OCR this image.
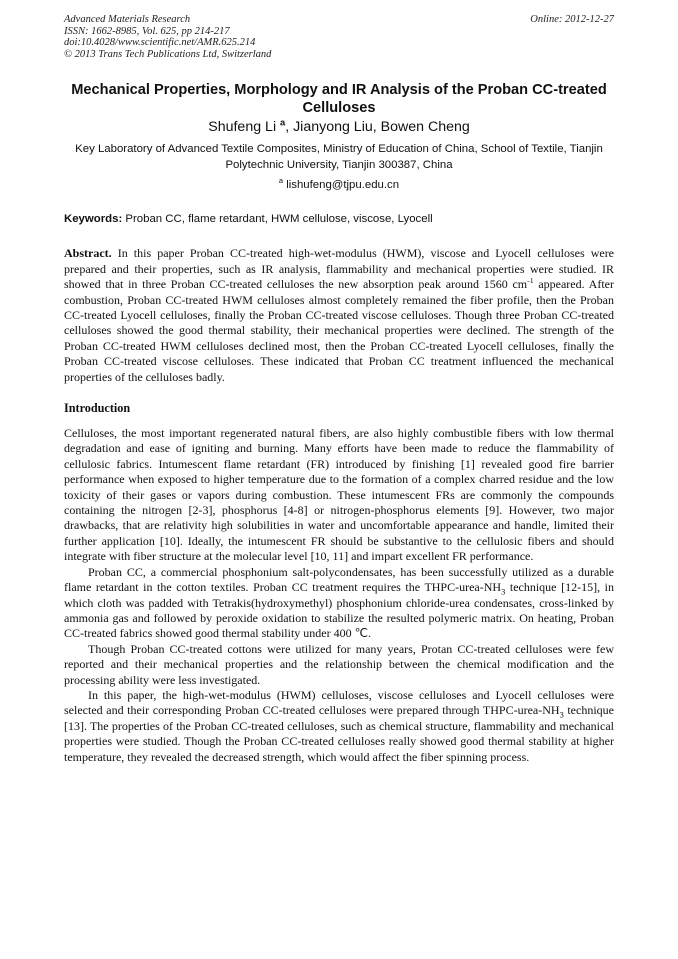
Advanced Materials Research
ISSN: 1662-8985, Vol. 625, pp 214-217
doi:10.4028/www.scientific.net/AMR.625.214
© 2013 Trans Tech Publications Ltd, Switzerland
Online: 2012-12-27
Mechanical Properties, Morphology and IR Analysis of the Proban CC-treated Celluloses
Shufeng Li $^a$, Jianyong Liu, Bowen Cheng
Key Laboratory of Advanced Textile Composites, Ministry of Education of China, School of Textile, Tianjin Polytechnic University, Tianjin 300387, China
$^a$ lishufeng@tjpu.edu.cn
Keywords: Proban CC, flame retardant, HWM cellulose, viscose, Lyocell
Abstract. In this paper Proban CC-treated high-wet-modulus (HWM), viscose and Lyocell celluloses were prepared and their properties, such as IR analysis, flammability and mechanical properties were studied. IR showed that in three Proban CC-treated celluloses the new absorption peak around 1560 $cm^{-1}$ appeared. After combustion, Proban CC-treated HWM celluloses almost completely remained the fiber profile, then the Proban CC-treated Lyocell celluloses, finally the Proban CC-treated viscose celluloses. Though three Proban CC-treated celluloses showed the good thermal stability, their mechanical properties were declined. The strength of the Proban CC-treated HWM celluloses declined most, then the Proban CC-treated Lyocell celluloses, finally the Proban CC-treated viscose celluloses. These indicated that Proban CC treatment influenced the mechanical properties of the celluloses badly.
Introduction

Celluloses, the most important regenerated natural fibers, are also highly combustible fibers with low thermal degradation and ease of igniting and burning. Many efforts have been made to reduce the flammability of cellulosic fabrics. Intumescent flame retardant (FR) introduced by finishing [1] revealed good fire barrier performance when exposed to higher temperature due to the formation of a complex charred residue and the low toxicity of their gases or vapors during combustion. These intumescent FRs are commonly the compounds containing the nitrogen [2-3], phosphorus [4-8] or nitrogen-phosphorus elements [9]. However, two major drawbacks, that are relativity high solubilities in water and uncomfortable appearance and handle, limited their further application [10]. Ideally, the intumescent FR should be substantive to the cellulosic fibers and should integrate with fiber structure at the molecular level [10, 11] and impart excellent FR performance.

Proban CC, a commercial phosphonium salt-polycondensates, has been successfully utilized as a durable flame retardant in the cotton textiles. Proban CC treatment requires the THPC-$urea-NH_3$ technique [12-15], in which cloth was padded with Tetrakis(hydroxymethyl) phosphonium chloride-urea condensates, cross-linked by ammonia gas and followed by peroxide oxidation to stabilize the resulted polymeric matrix. On heating, Proban CC-treated fabrics showed good thermal stability under 400 ℃.

Though Proban CC-treated cottons were utilized for many years, Protan CC-treated celluloses were few reported and their mechanical properties and the relationship between the chemical modification and the processing ability were less investigated.

In this paper, the high-wet-modulus (HWM) celluloses, viscose celluloses and Lyocell celluloses were selected and their corresponding Proban CC-treated celluloses were prepared through THPC-$urea-NH_3$ technique [13]. The properties of the Proban CC-treated celluloses, such as chemical structure, flammability and mechanical properties were studied. Though the Proban CC-treated celluloses really showed good thermal stability at higher temperature, they revealed the decreased strength, which would affect the fiber spinning process.
